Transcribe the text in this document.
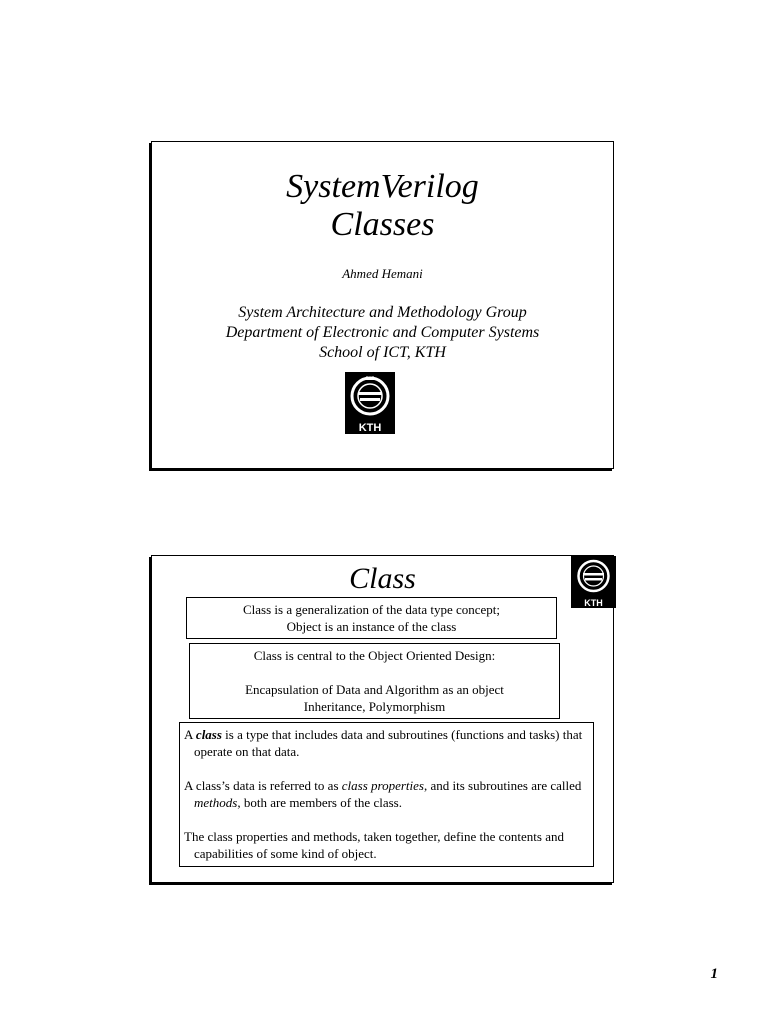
SystemVerilog
Classes
Ahmed Hemani
System Architecture and Methodology Group
Department of Electronic and Computer Systems
School of ICT, KTH
KTH
Class
KTH
Class is a generalization of the data type concept;
Object is an instance of the class
Class is central to the Object Oriented Design:
Encapsulation of Data and Algorithm as an object
Inheritance, Polymorphism

A class is a type that includes data and subroutines (functions and tasks) that operate on that data.

A class’s data is referred to as class properties, and its subroutines are called methods, both are members of the class.

The class properties and methods, taken together, define the contents and capabilities of some kind of object.

1
